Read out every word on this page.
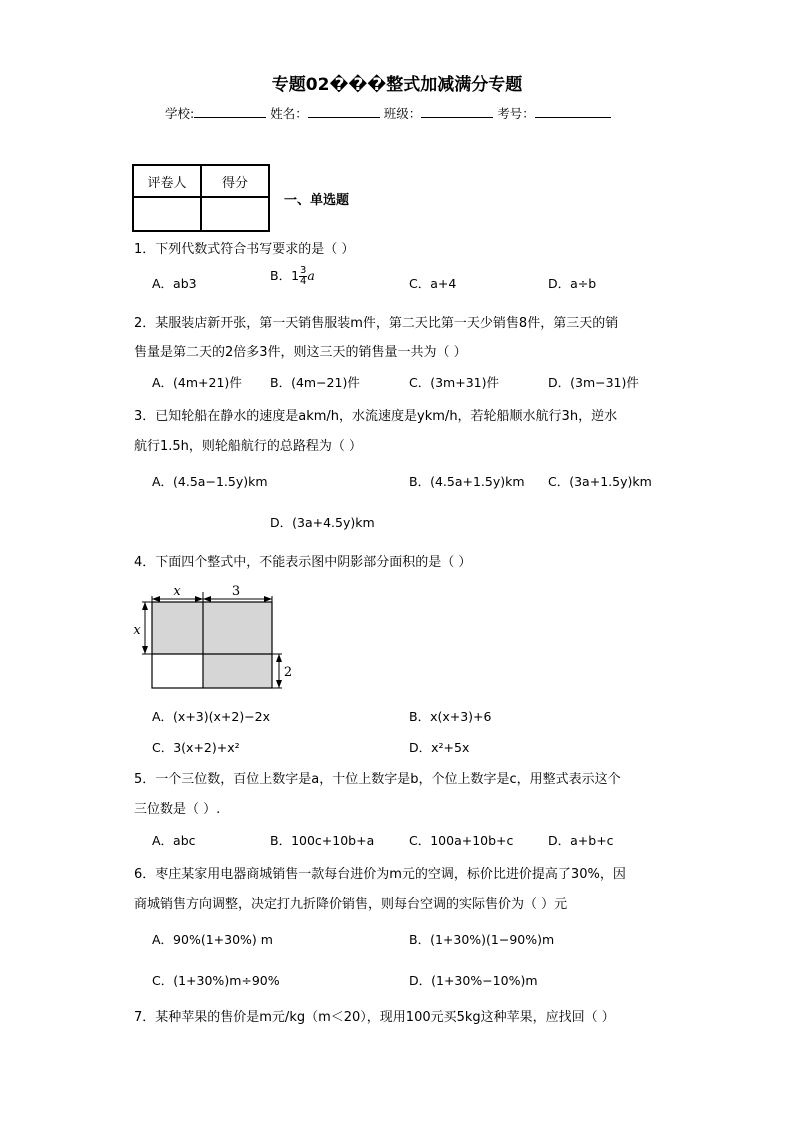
专题02���整式加减满分专题
学校:	姓名：	班级：	考号：
评卷人	得分

一、单选题
1．下列代数式符合书写要求的是（ ）
A．ab3
B．$1 \frac{3}{4}$ a
C．a+4	D．a÷b
2．某服装店新开张，第一天销售服装m件，第二天比第一天少销售8件，第三天的销
售量是第二天的2倍多3件，则这三天的销售量一共为（ ）
A．(4m+21)件 B．(4m−21)件	C．(3m+31)件	D．(3m−31)件
3．已知轮船在静水的速度是akm/h，水流速度是ykm/h，若轮船顺水航行3h，逆水
航行1.5h，则轮船航行的总路程为（ ）
A．(4.5a−1.5y)km	B．(4.5a+1.5y)km C．(3a+1.5y)km
D．(3a+4.5y)km
4．下面四个整式中，不能表示图中阴影部分面积的是（ ）
x	3
x
2
A．(x+3)(x+2)−2x	B．x(x+3)+6
C．3(x+2)+x²	D．x²+5x
5．一个三位数，百位上数字是a，十位上数字是b，个位上数字是c，用整式表示这个
三位数是（ ）.
A．abc	B．100c+10b+a	C．100a+10b+c	D．a+b+c
6．枣庄某家用电器商城销售一款每台进价为m元的空调，标价比进价提高了30%，因
商城销售方向调整，决定打九折降价销售，则每台空调的实际售价为（ ）元
A．90%(1+30%) m	B．(1+30%)(1−90%)m
C．(1+30%)m÷90%	D．(1+30%−10%)m
7．某种苹果的售价是m元/kg（m＜20），现用100元买5kg这种苹果，应找回（ ）
